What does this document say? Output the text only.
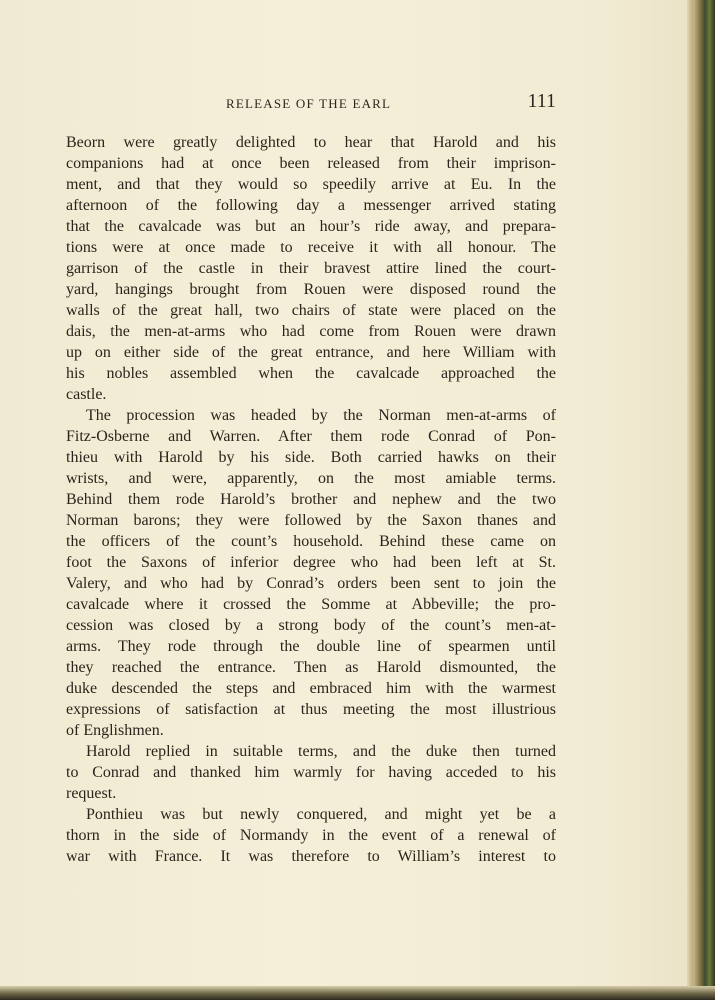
RELEASE OF THE EARL	111
Beorn were greatly delighted to hear that Harold and his
companions had at once been released from their imprison-
ment, and that they would so speedily arrive at Eu. In the
afternoon of the following day a messenger arrived stating
that the cavalcade was but an hour’s ride away, and prepara-
tions were at once made to receive it with all honour. The
garrison of the castle in their bravest attire lined the court-
yard, hangings brought from Rouen were disposed round the
walls of the great hall, two chairs of state were placed on the
dais, the men-at-arms who had come from Rouen were drawn
up on either side of the great entrance, and here William with
his nobles assembled when the cavalcade approached the
castle.
The procession was headed by the Norman men-at-arms of
Fitz-Osberne and Warren. After them rode Conrad of Pon-
thieu with Harold by his side. Both carried hawks on their
wrists, and were, apparently, on the most amiable terms.
Behind them rode Harold’s brother and nephew and the two
Norman barons; they were followed by the Saxon thanes and
the officers of the count’s household. Behind these came on
foot the Saxons of inferior degree who had been left at St.
Valery, and who had by Conrad’s orders been sent to join the
cavalcade where it crossed the Somme at Abbeville; the pro-
cession was closed by a strong body of the count’s men-at-
arms. They rode through the double line of spearmen until
they reached the entrance. Then as Harold dismounted, the
duke descended the steps and embraced him with the warmest
expressions of satisfaction at thus meeting the most illustrious
of Englishmen.
Harold replied in suitable terms, and the duke then turned
to Conrad and thanked him warmly for having acceded to his
request.
Ponthieu was but newly conquered, and might yet be a
thorn in the side of Normandy in the event of a renewal of
war with France. It was therefore to William’s interest to
